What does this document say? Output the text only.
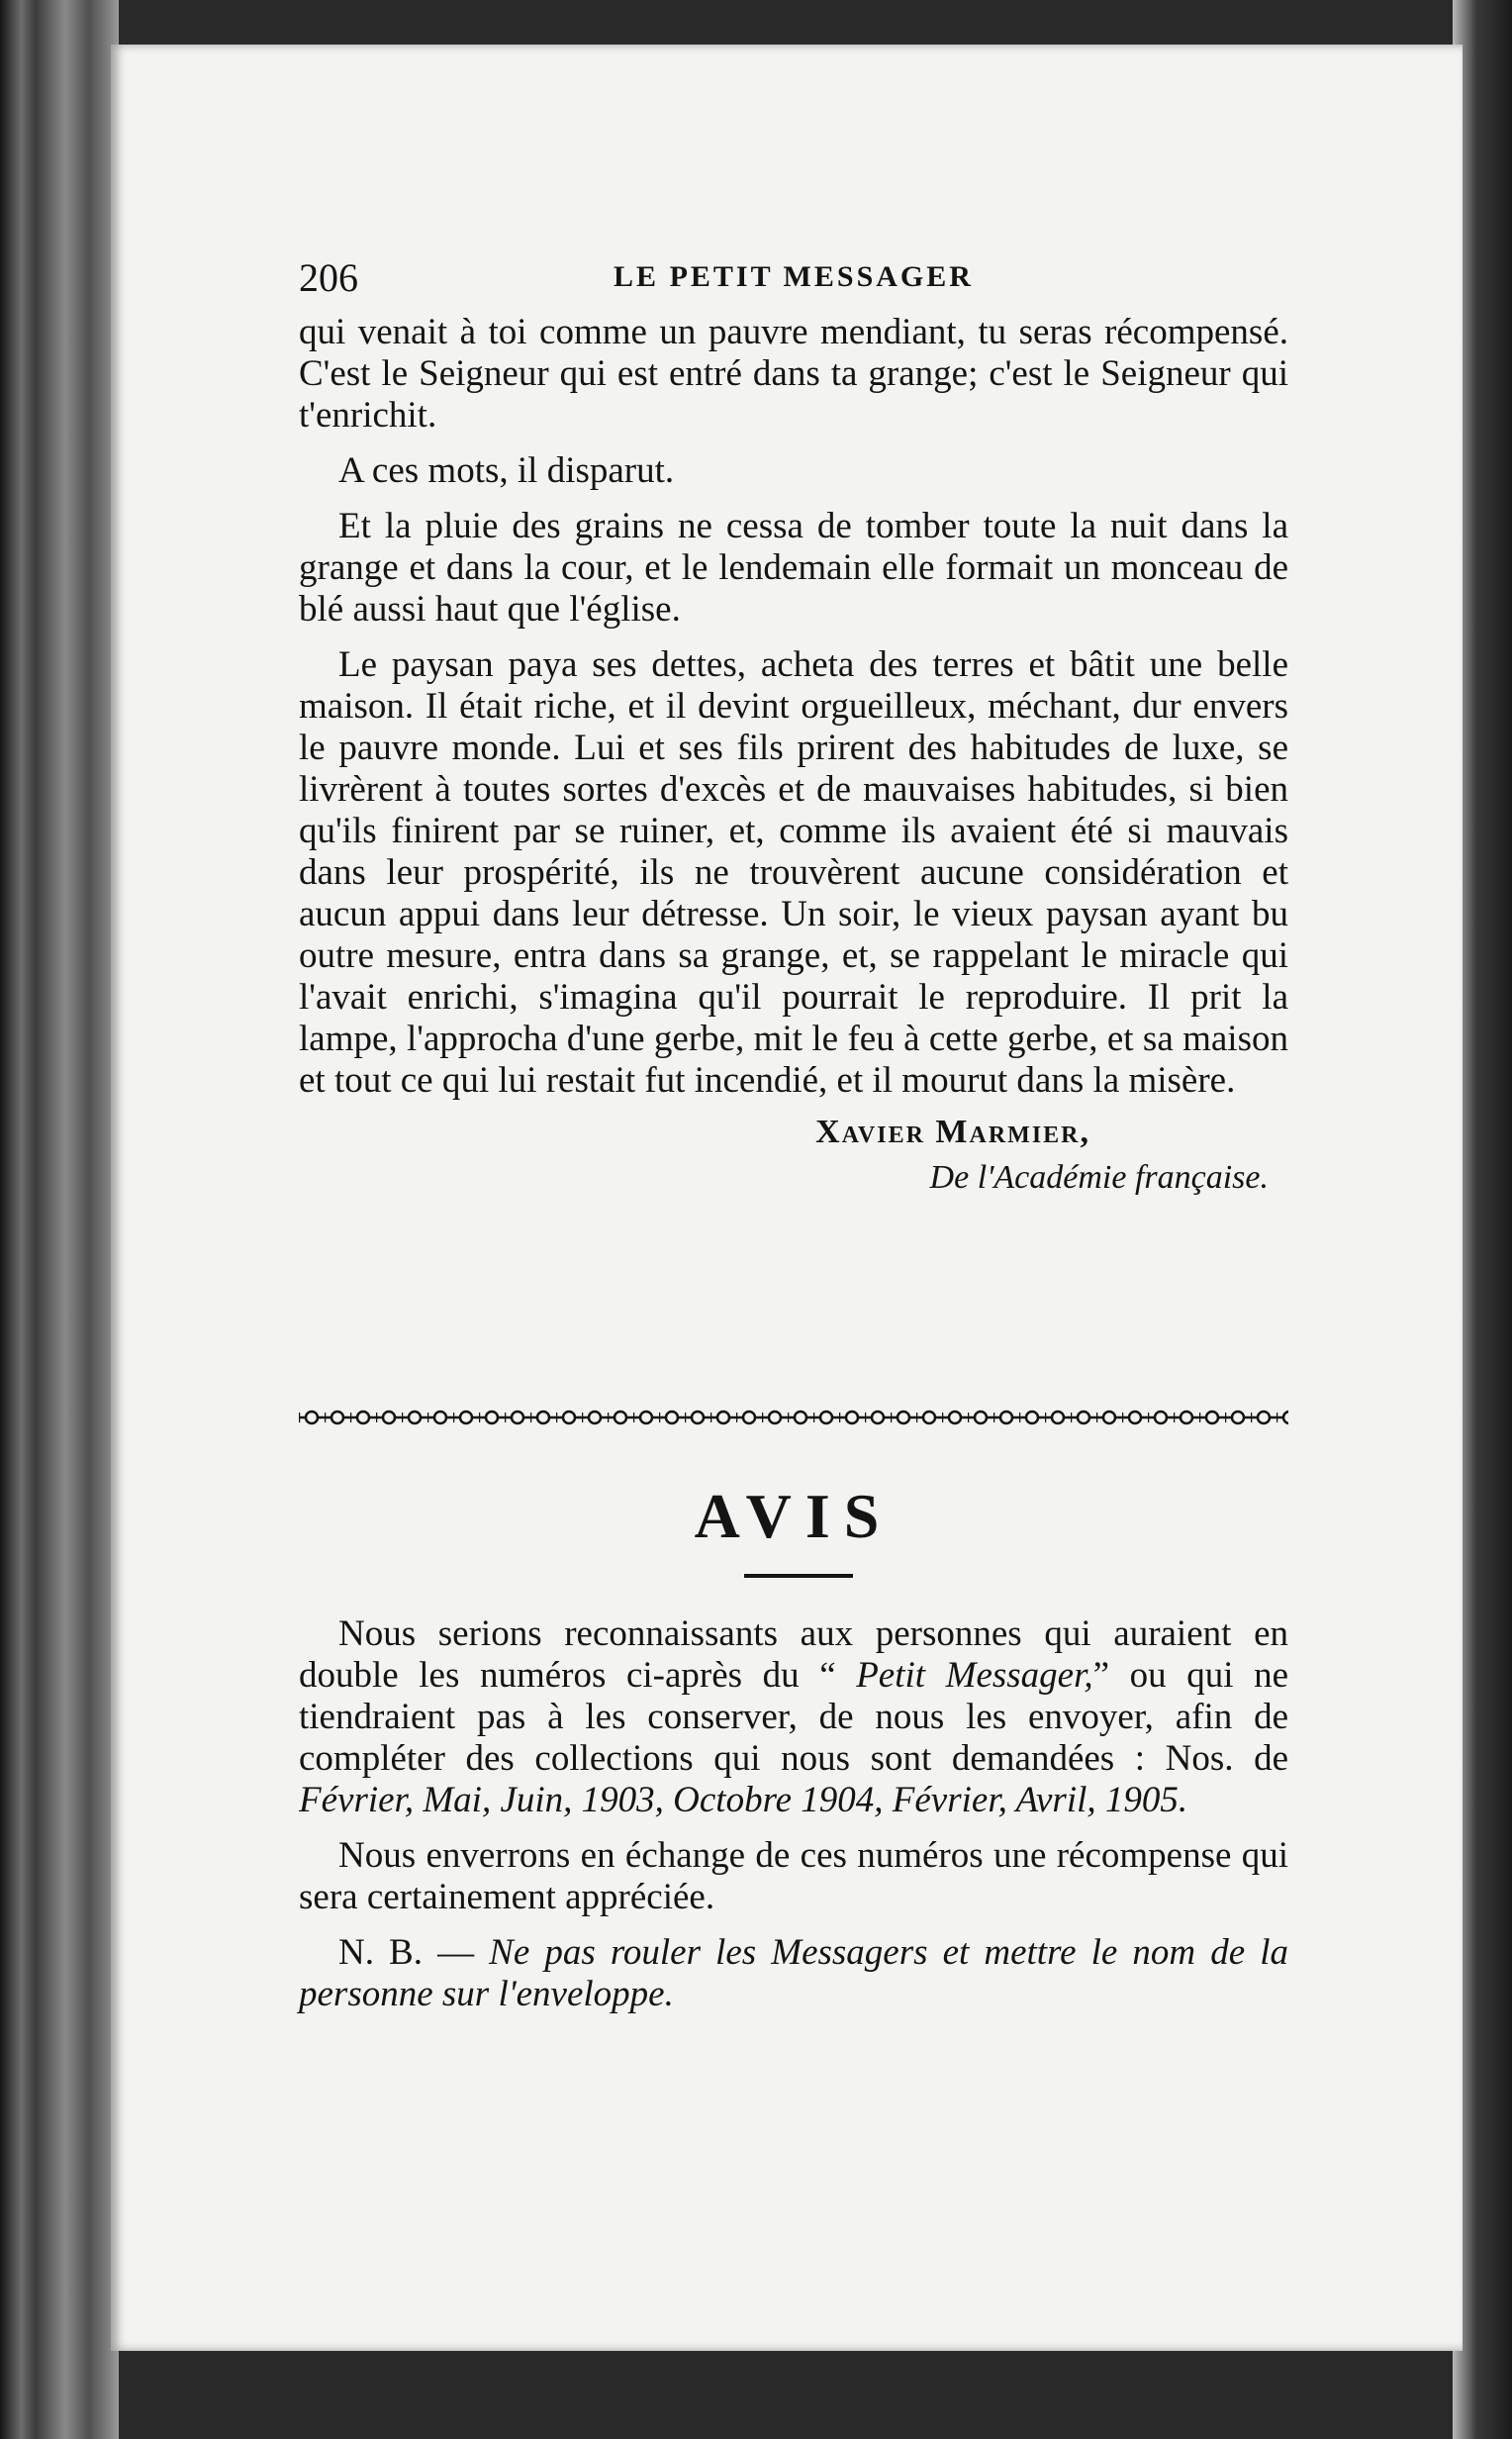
206	LE PETIT MESSAGER

qui venait à toi comme un pauvre mendiant, tu seras récompensé. C'est le Seigneur qui est entré dans ta grange; c'est le Seigneur qui t'enrichit.

A ces mots, il disparut.

Et la pluie des grains ne cessa de tomber toute la nuit dans la grange et dans la cour, et le lendemain elle formait un monceau de blé aussi haut que l'église.

Le paysan paya ses dettes, acheta des terres et bâtit une belle maison. Il était riche, et il devint orgueilleux, méchant, dur envers le pauvre monde. Lui et ses fils prirent des habitudes de luxe, se livrèrent à toutes sortes d'excès et de mauvaises habitudes, si bien qu'ils finirent par se ruiner, et, comme ils avaient été si mauvais dans leur prospérité, ils ne trouvèrent aucune considération et aucun appui dans leur détresse. Un soir, le vieux paysan ayant bu outre mesure, entra dans sa grange, et, se rappelant le miracle qui l'avait enrichi, s'imagina qu'il pourrait le reproduire. Il prit la lampe, l'approcha d'une gerbe, mit le feu à cette gerbe, et sa maison et tout ce qui lui restait fut incendié, et il mourut dans la misère.

Xavier Marmier,
De l'Académie française.
AVIS

Nous serions reconnaissants aux personnes qui auraient en double les numéros ci-après du “ Petit Messager,” ou qui ne tiendraient pas à les conserver, de nous les envoyer, afin de compléter des collections qui nous sont demandées : Nos. de Février, Mai, Juin, 1903, Octobre 1904, Février, Avril, 1905.

Nous enverrons en échange de ces numéros une récompense qui sera certainement appréciée.

N. B. — Ne pas rouler les Messagers et mettre le nom de la personne sur l'enveloppe.
